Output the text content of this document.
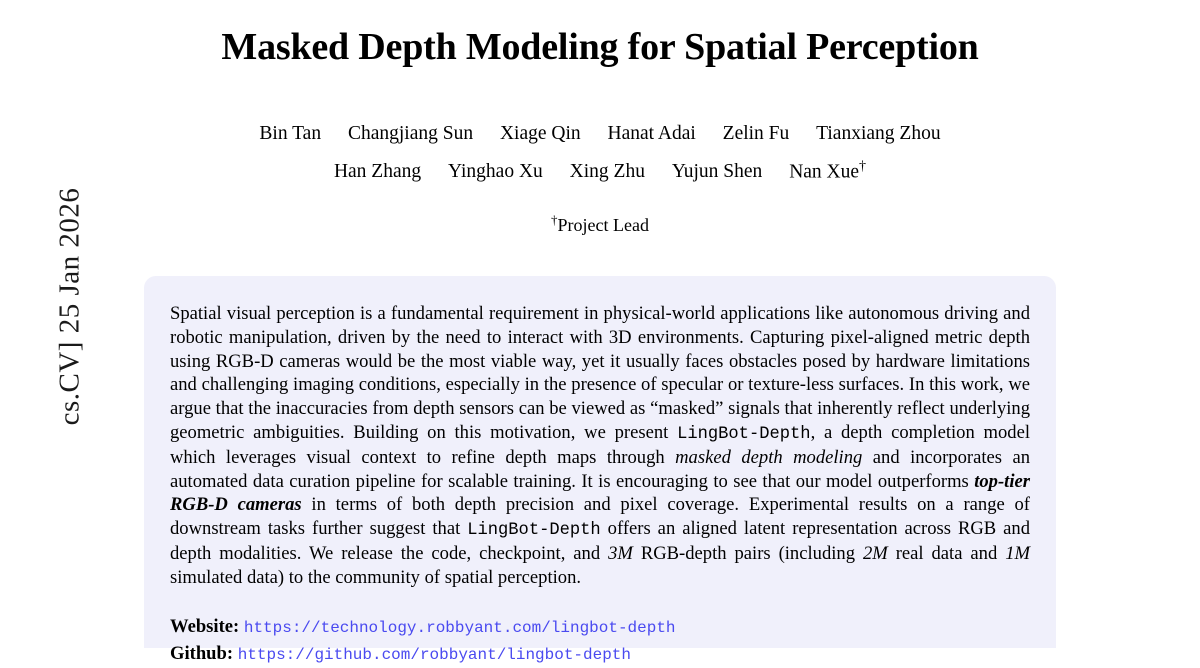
cs.CV] 25 Jan 2026
Masked Depth Modeling for Spatial Perception
Bin Tan Changjiang Sun Xiage Qin Hanat Adai Zelin Fu Tianxiang Zhou
Han Zhang Yinghao Xu Xing Zhu Yujun Shen Nan Xue†
†Project Lead

Spatial visual perception is a fundamental requirement in physical-world applications like autonomous driving and robotic manipulation, driven by the need to interact with 3D environments. Capturing pixel-aligned metric depth using RGB-D cameras would be the most viable way, yet it usually faces obstacles posed by hardware limitations and challenging imaging conditions, especially in the presence of specular or texture-less surfaces. In this work, we argue that the inaccuracies from depth sensors can be viewed as “masked” signals that inherently reflect underlying geometric ambiguities. Building on this motivation, we present LingBot-Depth, a depth completion model which leverages visual context to refine depth maps through masked depth modeling and incorporates an automated data curation pipeline for scalable training. It is encouraging to see that our model outperforms top-tier RGB-D cameras in terms of both depth precision and pixel coverage. Experimental results on a range of downstream tasks further suggest that LingBot-Depth offers an aligned latent representation across RGB and depth modalities. We release the code, checkpoint, and 3M RGB-depth pairs (including 2M real data and 1M simulated data) to the community of spatial perception.

Website: https://technology.robbyant.com/lingbot-depth
Github: https://github.com/robbyant/lingbot-depth
